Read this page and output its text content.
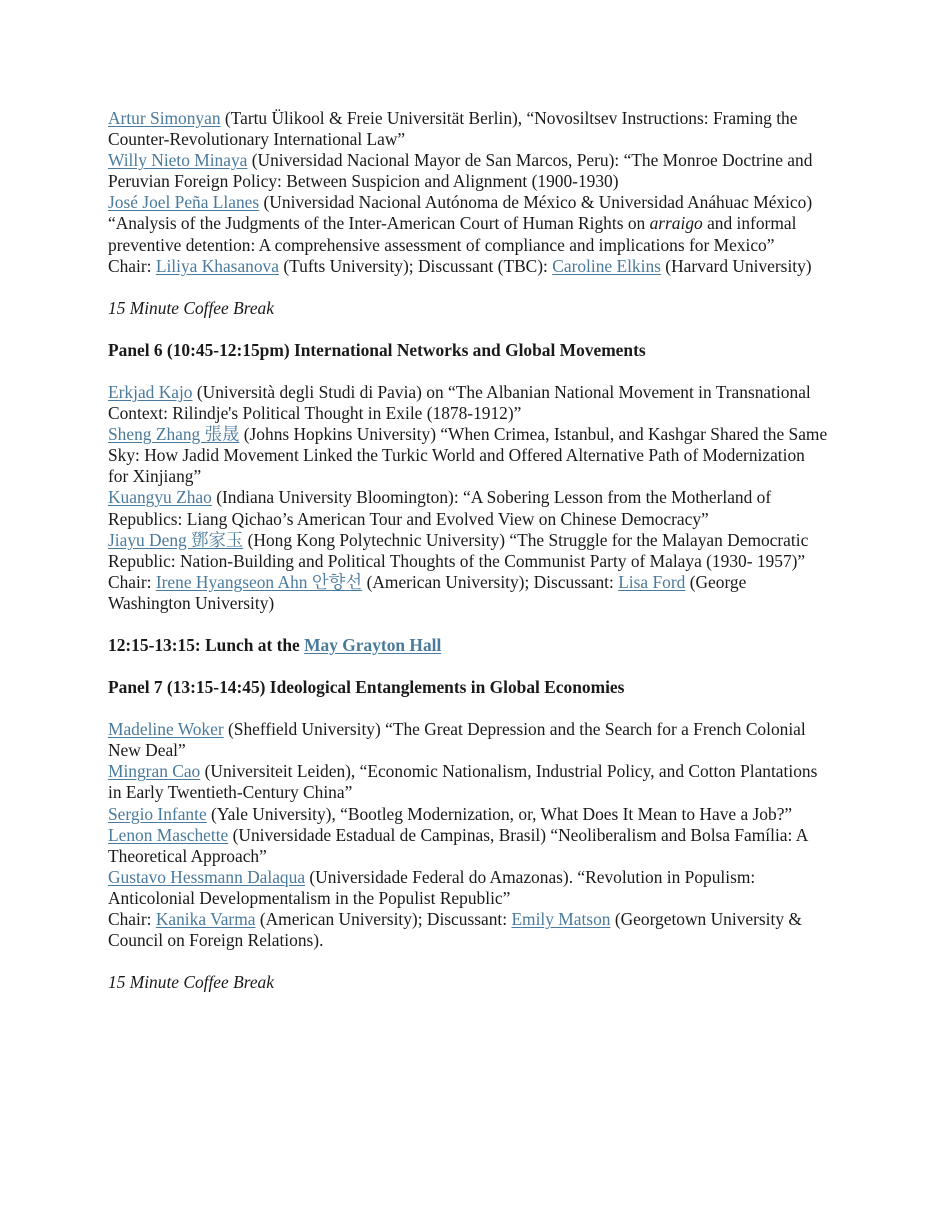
Artur Simonyan (Tartu Ülikool & Freie Universität Berlin), “Novosiltsev Instructions: Framing the Counter-Revolutionary International Law”

Willy Nieto Minaya (Universidad Nacional Mayor de San Marcos, Peru): “The Monroe Doctrine and Peruvian Foreign Policy: Between Suspicion and Alignment (1900-1930)

José Joel Peña Llanes (Universidad Nacional Autónoma de México & Universidad Anáhuac México) “Analysis of the Judgments of the Inter-American Court of Human Rights on arraigo and informal preventive detention: A comprehensive assessment of compliance and implications for Mexico”

Chair: Liliya Khasanova (Tufts University); Discussant (TBC): Caroline Elkins (Harvard University)

15 Minute Coffee Break

Panel 6 (10:45-12:15pm) International Networks and Global Movements

Erkjad Kajo (Università degli Studi di Pavia) on “The Albanian National Movement in Transnational Context: Rilindje's Political Thought in Exile (1878-1912)”

Sheng Zhang 張晟 (Johns Hopkins University) “When Crimea, Istanbul, and Kashgar Shared the Same Sky: How Jadid Movement Linked the Turkic World and Offered Alternative Path of Modernization for Xinjiang”

Kuangyu Zhao (Indiana University Bloomington): “A Sobering Lesson from the Motherland of Republics: Liang Qichao’s American Tour and Evolved View on Chinese Democracy”

Jiayu Deng 鄧家玉 (Hong Kong Polytechnic University) “The Struggle for the Malayan Democratic Republic: Nation-Building and Political Thoughts of the Communist Party of Malaya (1930- 1957)”

Chair: Irene Hyangseon Ahn 안향선 (American University); Discussant: Lisa Ford (George Washington University)

12:15-13:15: Lunch at the May Grayton Hall

Panel 7 (13:15-14:45) Ideological Entanglements in Global Economies

Madeline Woker (Sheffield University) “The Great Depression and the Search for a French Colonial New Deal”

Mingran Cao (Universiteit Leiden), “Economic Nationalism, Industrial Policy, and Cotton Plantations in Early Twentieth-Century China”

Sergio Infante (Yale University), “Bootleg Modernization, or, What Does It Mean to Have a Job?”

Lenon Maschette (Universidade Estadual de Campinas, Brasil) “Neoliberalism and Bolsa Família: A Theoretical Approach”

Gustavo Hessmann Dalaqua (Universidade Federal do Amazonas). “Revolution in Populism: Anticolonial Developmentalism in the Populist Republic”

Chair: Kanika Varma (American University); Discussant: Emily Matson (Georgetown University & Council on Foreign Relations).

15 Minute Coffee Break
